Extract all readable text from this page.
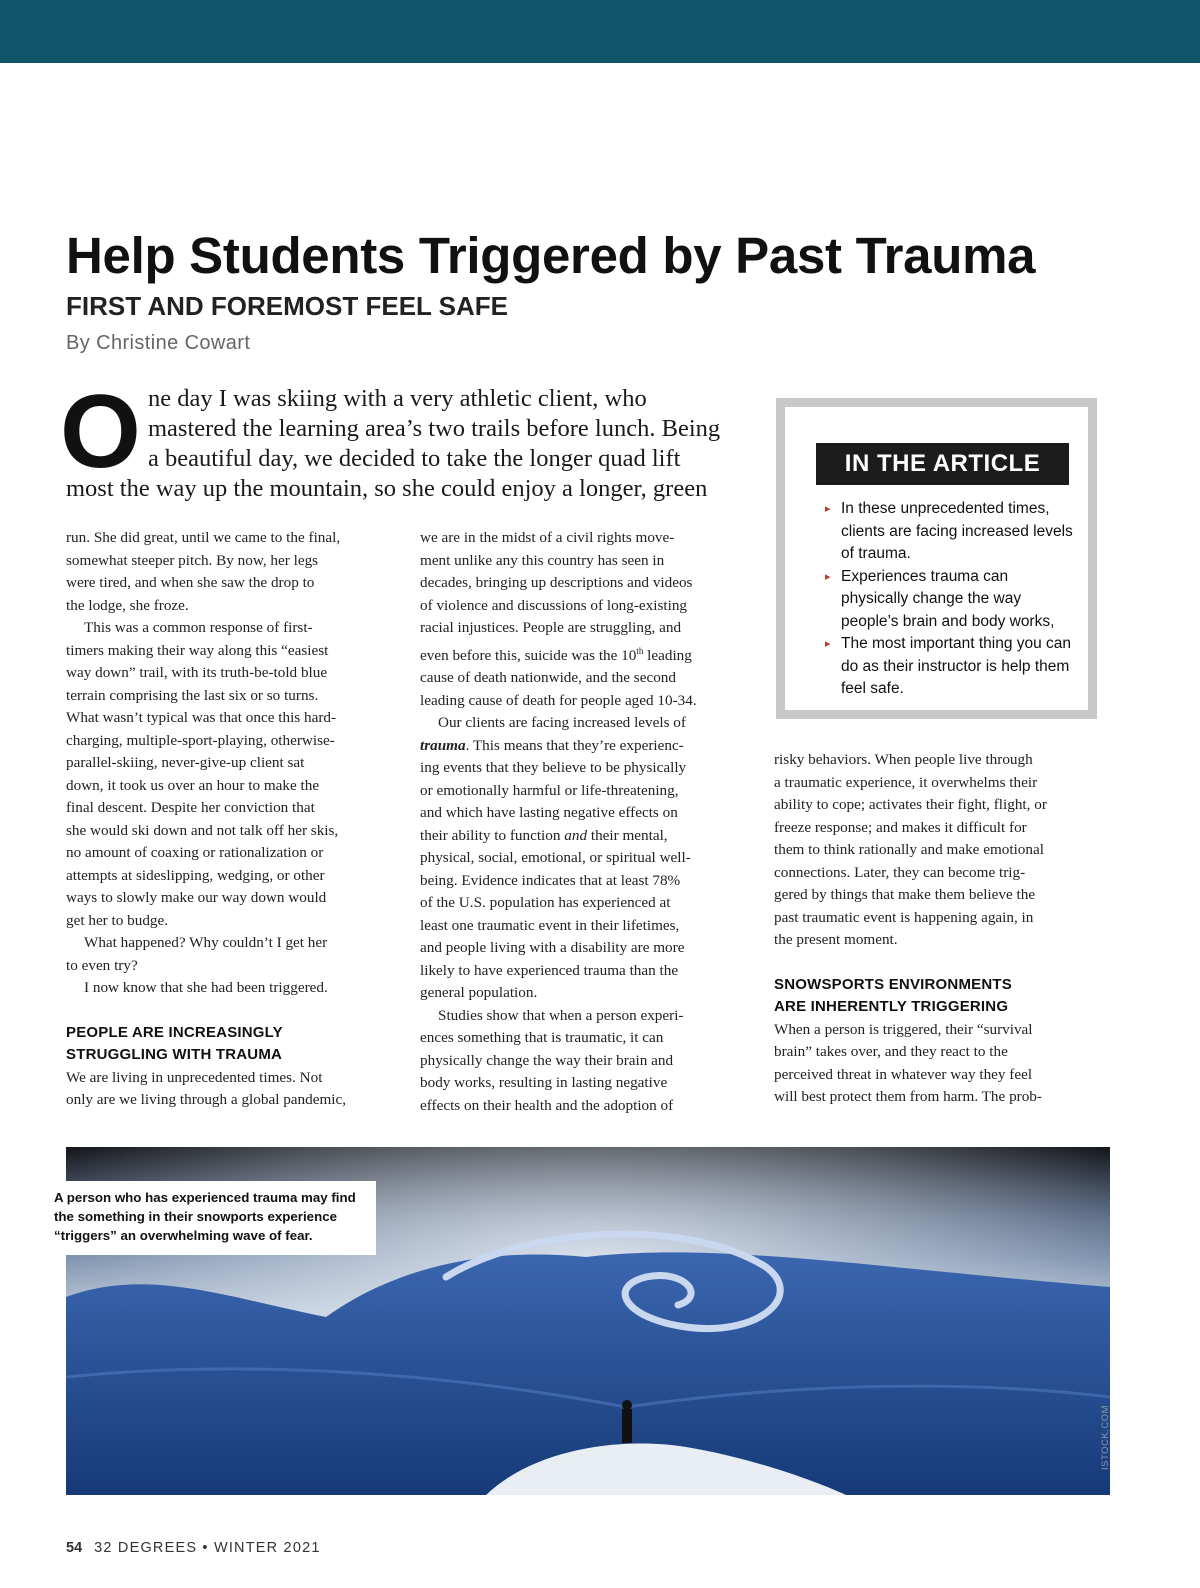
Help Students Triggered by Past Trauma
FIRST AND FOREMOST FEEL SAFE

By Christine Cowart

O ne day I was skiing with a very athletic client, who
mastered the learning area’s two trails before lunch. Being
a beautiful day, we decided to take the longer quad lift
most the way up the mountain, so she could enjoy a longer, green
run. She did great, until we came to the final,
somewhat steeper pitch. By now, her legs
were tired, and when she saw the drop to
the lodge, she froze.
This was a common response of first-
timers making their way along this “easiest
way down” trail, with its truth-be-told blue
terrain comprising the last six or so turns.
What wasn’t typical was that once this hard-
charging, multiple-sport-playing, otherwise-
parallel-skiing, never-give-up client sat
down, it took us over an hour to make the
final descent. Despite her conviction that
she would ski down and not talk off her skis,
no amount of coaxing or rationalization or
attempts at sideslipping, wedging, or other
ways to slowly make our way down would
get her to budge.
What happened? Why couldn’t I get her
to even try?
I now know that she had been triggered.
PEOPLE ARE INCREASINGLY
STRUGGLING WITH TRAUMA
We are living in unprecedented times. Not
only are we living through a global pandemic,
we are in the midst of a civil rights move-
ment unlike any this country has seen in
decades, bringing up descriptions and videos
of violence and discussions of long-existing
racial injustices. People are struggling, and
even before this, suicide was the 10th leading
cause of death nationwide, and the second
leading cause of death for people aged 10-34.
Our clients are facing increased levels of
trauma. This means that they’re experienc-
ing events that they believe to be physically
or emotionally harmful or life-threatening,
and which have lasting negative effects on
their ability to function and their mental,
physical, social, emotional, or spiritual well-
being. Evidence indicates that at least 78%
of the U.S. population has experienced at
least one traumatic event in their lifetimes,
and people living with a disability are more
likely to have experienced trauma than the
general population.
Studies show that when a person experi-
ences something that is traumatic, it can
physically change the way their brain and
body works, resulting in lasting negative
effects on their health and the adoption of
IN THE ARTICLE
▸ In these unprecedented times, clients are facing increased levels of trauma.
▸ Experiences trauma can physically change the way people’s brain and body works,
▸ The most important thing you can do as their instructor is help them feel safe.
risky behaviors. When people live through
a traumatic experience, it overwhelms their
ability to cope; activates their fight, flight, or
freeze response; and makes it difficult for
them to think rationally and make emotional
connections. Later, they can become trig-
gered by things that make them believe the
past traumatic event is happening again, in
the present moment.
SNOWSPORTS ENVIRONMENTS
ARE INHERENTLY TRIGGERING
When a person is triggered, their “survival
brain” takes over, and they react to the
perceived threat in whatever way they feel
will best protect them from harm. The prob-
A person who has experienced trauma may find the something in their snowports experience “triggers” an overwhelming wave of fear.
ISTOCK.COM
54 32 DEGREES • WINTER 2021
